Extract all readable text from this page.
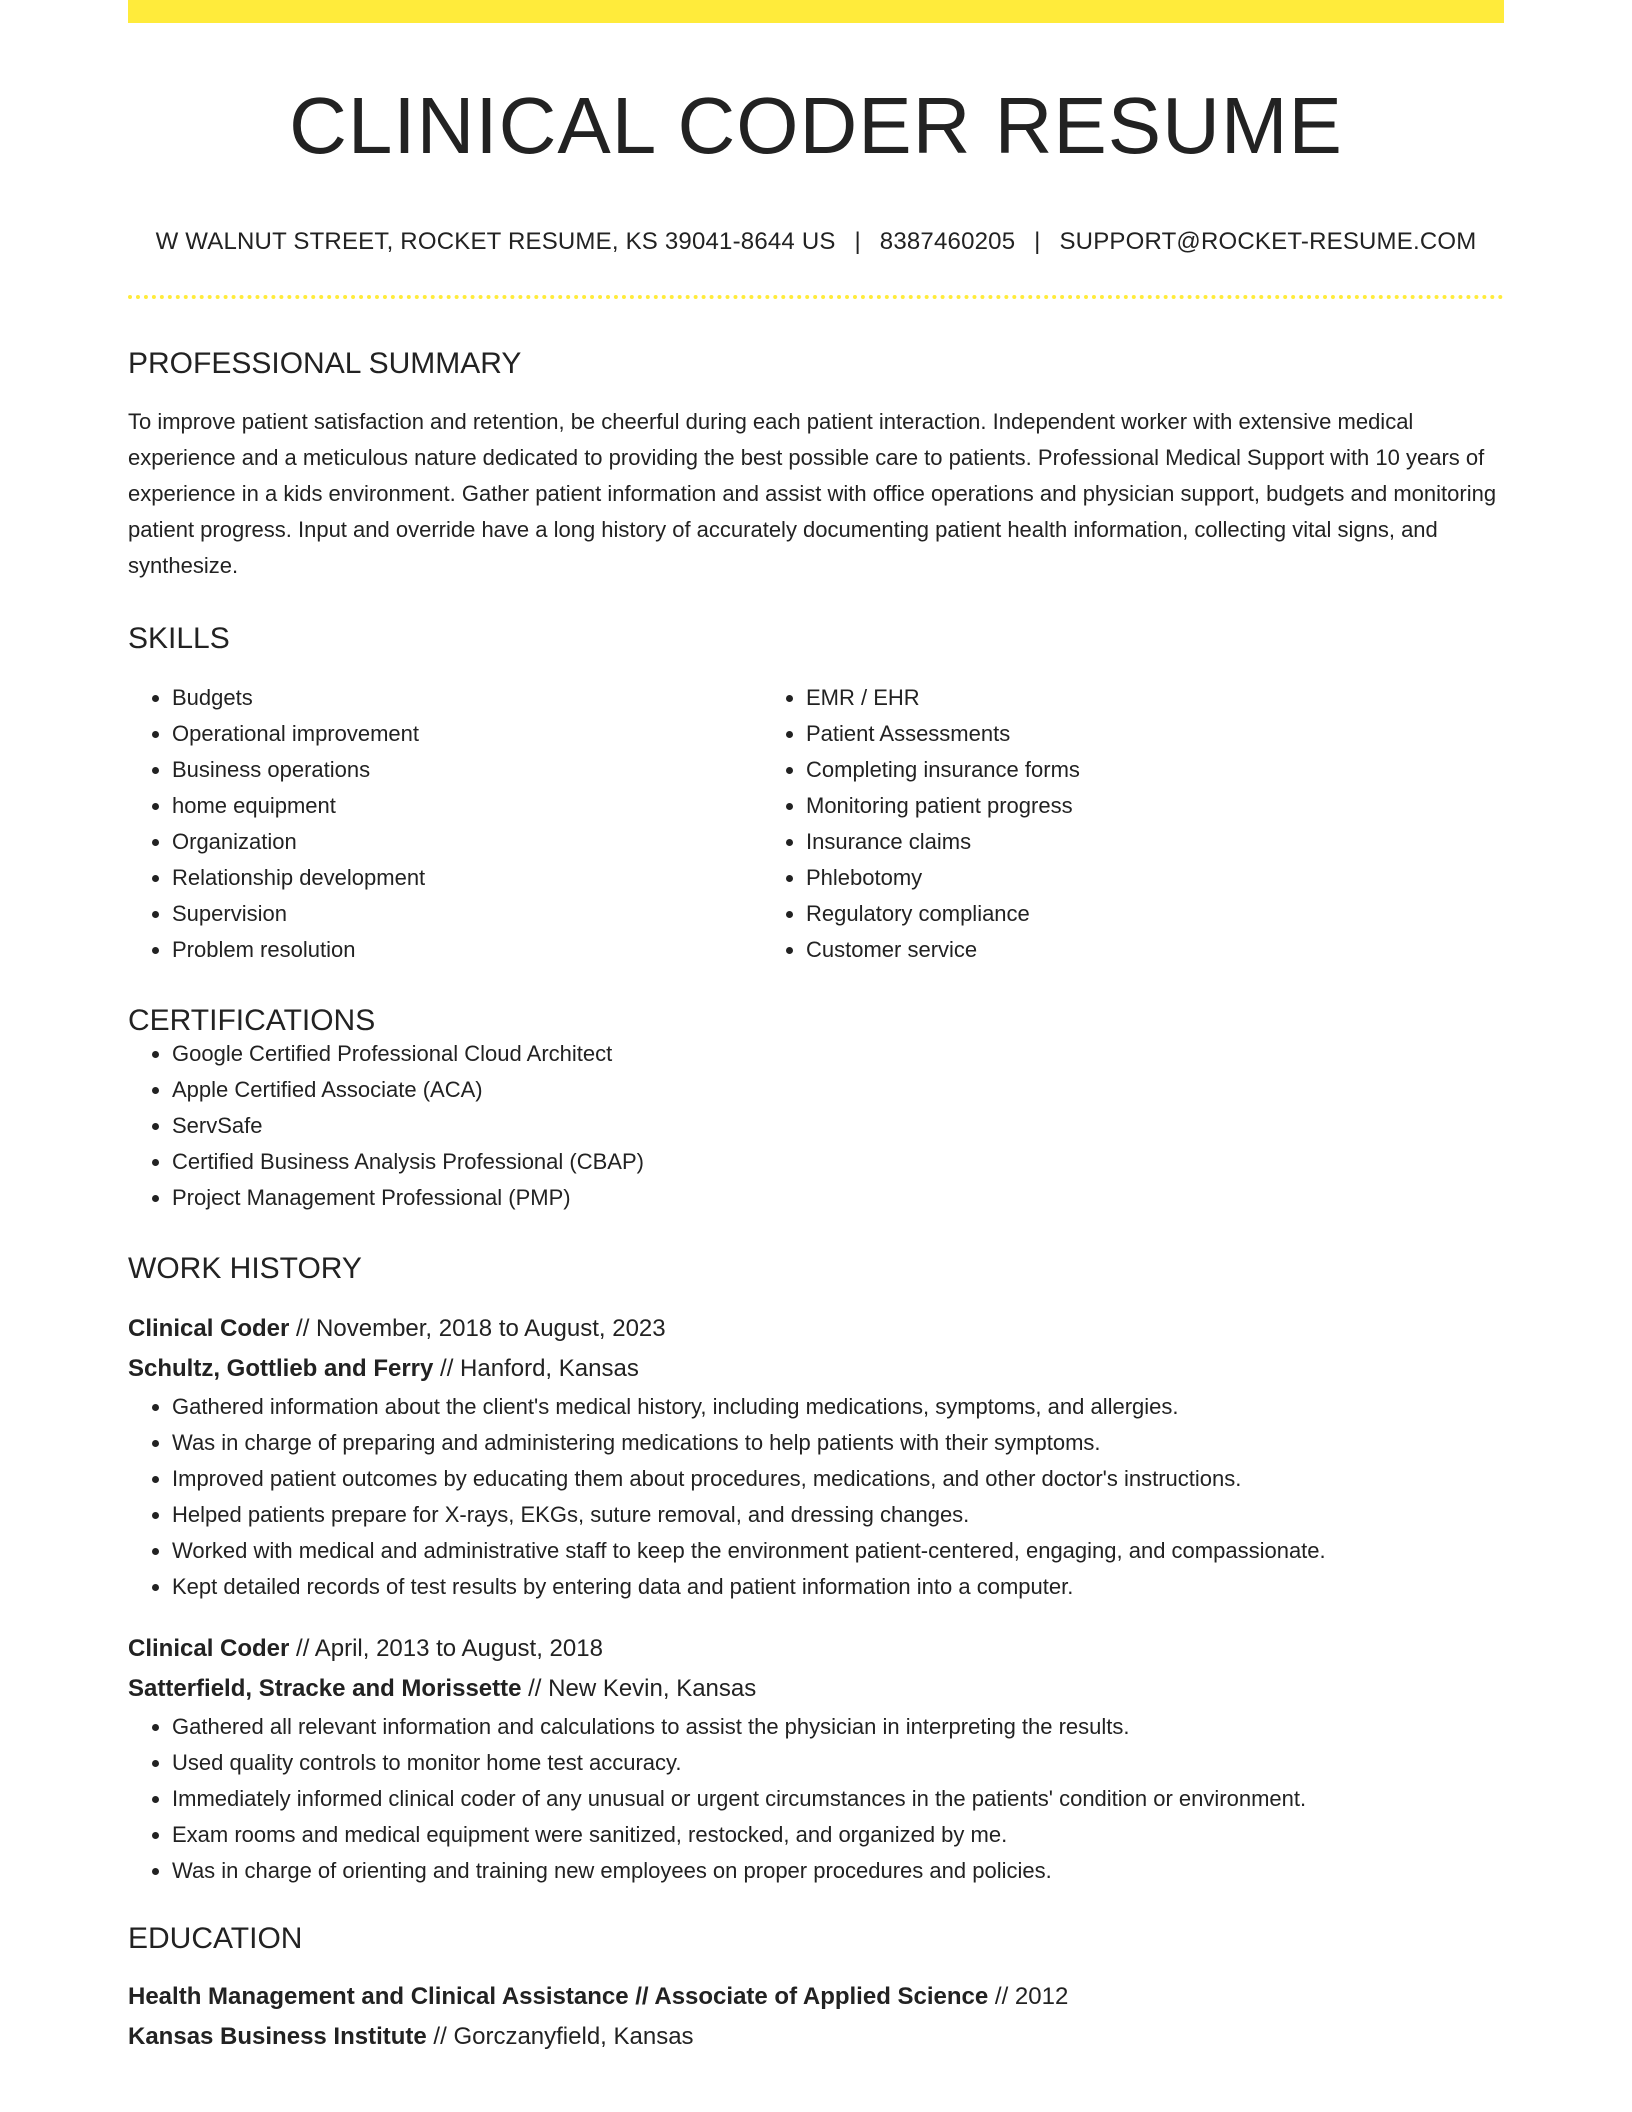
CLINICAL CODER RESUME
W WALNUT STREET, ROCKET RESUME, KS 39041-8644 US | 8387460205 | SUPPORT@ROCKET-RESUME.COM
PROFESSIONAL SUMMARY
To improve patient satisfaction and retention, be cheerful during each patient interaction. Independent worker with extensive medical experience and a meticulous nature dedicated to providing the best possible care to patients. Professional Medical Support with 10 years of experience in a kids environment. Gather patient information and assist with office operations and physician support, budgets and monitoring patient progress. Input and override have a long history of accurately documenting patient health information, collecting vital signs, and synthesize.
SKILLS
• Budgets
• Operational improvement
• Business operations
• home equipment
• Organization
• Relationship development
• Supervision
• Problem resolution
• EMR / EHR
• Patient Assessments
• Completing insurance forms
• Monitoring patient progress
• Insurance claims
• Phlebotomy
• Regulatory compliance
• Customer service
CERTIFICATIONS
• Google Certified Professional Cloud Architect
• Apple Certified Associate (ACA)
• ServSafe
• Certified Business Analysis Professional (CBAP)
• Project Management Professional (PMP)
WORK HISTORY
Clinical Coder // November, 2018 to August, 2023
Schultz, Gottlieb and Ferry // Hanford, Kansas
• Gathered information about the client's medical history, including medications, symptoms, and allergies.
• Was in charge of preparing and administering medications to help patients with their symptoms.
• Improved patient outcomes by educating them about procedures, medications, and other doctor's instructions.
• Helped patients prepare for X-rays, EKGs, suture removal, and dressing changes.
• Worked with medical and administrative staff to keep the environment patient-centered, engaging, and compassionate.
• Kept detailed records of test results by entering data and patient information into a computer.
Clinical Coder // April, 2013 to August, 2018
Satterfield, Stracke and Morissette // New Kevin, Kansas
• Gathered all relevant information and calculations to assist the physician in interpreting the results.
• Used quality controls to monitor home test accuracy.
• Immediately informed clinical coder of any unusual or urgent circumstances in the patients' condition or environment.
• Exam rooms and medical equipment were sanitized, restocked, and organized by me.
• Was in charge of orienting and training new employees on proper procedures and policies.
EDUCATION
Health Management and Clinical Assistance // Associate of Applied Science // 2012
Kansas Business Institute // Gorczanyfield, Kansas
